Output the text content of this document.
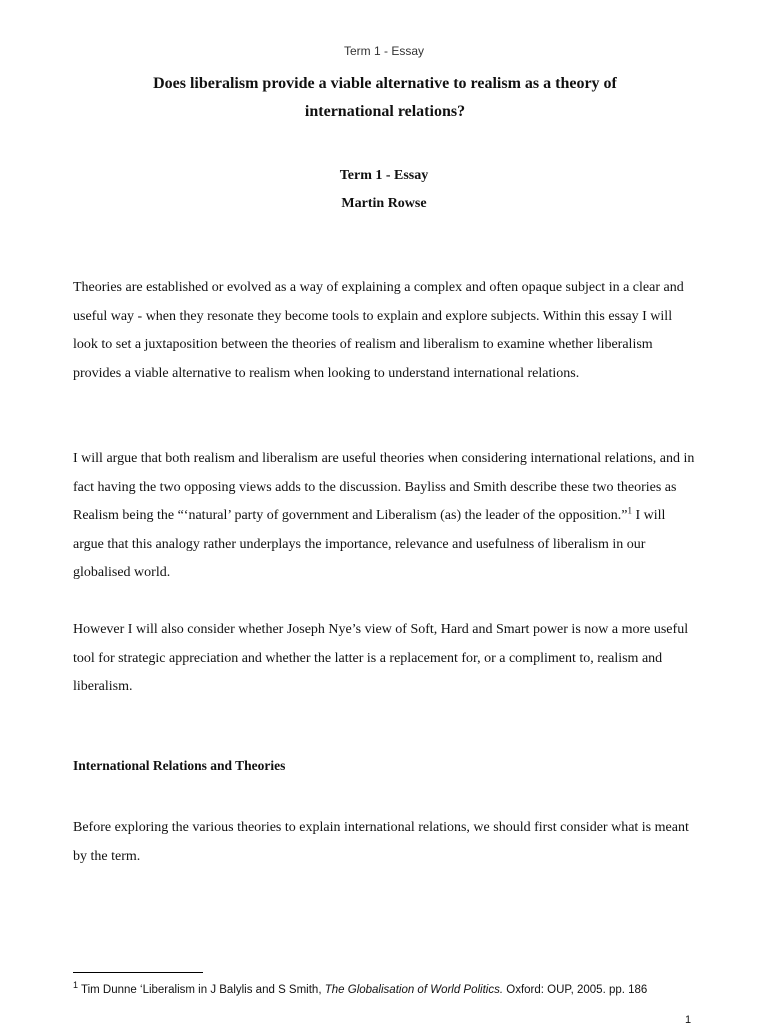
Term 1 - Essay
Does liberalism provide a viable alternative to realism as a theory of
international relations?
Term 1 - Essay
Martin Rowse

Theories are established or evolved as a way of explaining a complex and often opaque subject in a clear and useful way - when they resonate they become tools to explain and explore subjects. Within this essay I will look to set a juxtaposition between the theories of realism and liberalism to examine whether liberalism provides a viable alternative to realism when looking to understand international relations.

I will argue that both realism and liberalism are useful theories when considering international relations, and in fact having the two opposing views adds to the discussion. Bayliss and Smith describe these two theories as Realism being the “‘natural’ party of government and Liberalism (as) the leader of the opposition.”$^1$ I will argue that this analogy rather underplays the importance, relevance and usefulness of liberalism in our globalised world.

However I will also consider whether Joseph Nye’s view of Soft, Hard and Smart power is now a more useful tool for strategic appreciation and whether the latter is a replacement for, or a compliment to, realism and liberalism.

International Relations and Theories

Before exploring the various theories to explain international relations, we should first consider what is meant by the term.

$^1$ Tim Dunne ‘Liberalism in J Balylis and S Smith, The Globalisation of World Politics. Oxford: OUP, 2005. pp. 186
1
